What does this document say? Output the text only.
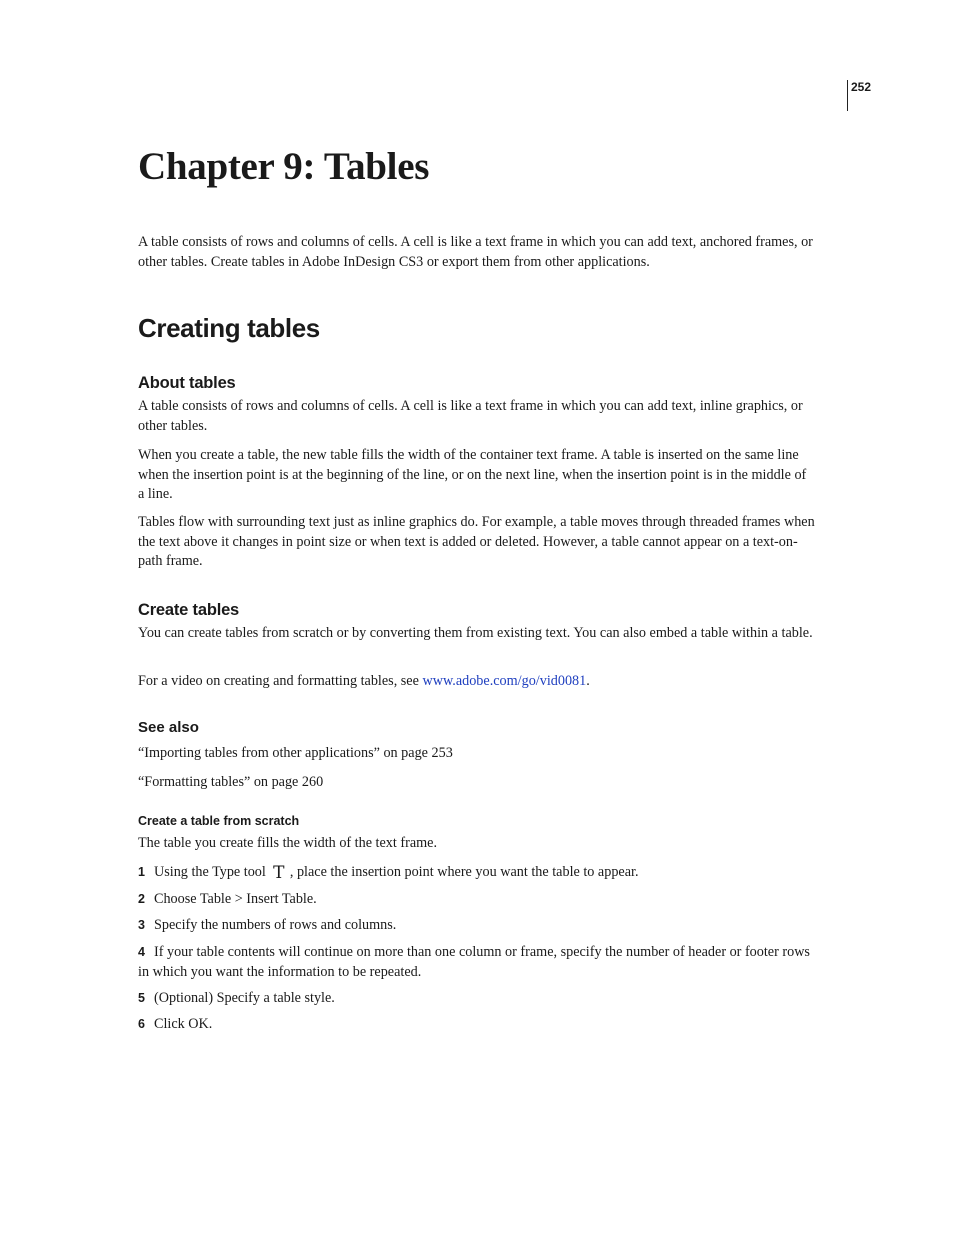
252
Chapter 9: Tables

A table consists of rows and columns of cells. A cell is like a text frame in which you can add text, anchored frames, or other tables. Create tables in Adobe InDesign CS3 or export them from other applications.

Creating tables
About tables

A table consists of rows and columns of cells. A cell is like a text frame in which you can add text, inline graphics, or other tables.

When you create a table, the new table fills the width of the container text frame. A table is inserted on the same line when the insertion point is at the beginning of the line, or on the next line, when the insertion point is in the middle of a line.

Tables flow with surrounding text just as inline graphics do. For example, a table moves through threaded frames when the text above it changes in point size or when text is added or deleted. However, a table cannot appear on a text-on-path frame.

Create tables

You can create tables from scratch or by converting them from existing text. You can also embed a table within a table.

For a video on creating and formatting tables, see www.adobe.com/go/vid0081.

See also

“Importing tables from other applications” on page 253

“Formatting tables” on page 260

Create a table from scratch

The table you create fills the width of the text frame.

1 Using the Type tool T , place the insertion point where you want the table to appear.

2 Choose Table > Insert Table.

3 Specify the numbers of rows and columns.

4 If your table contents will continue on more than one column or frame, specify the number of header or footer rows in which you want the information to be repeated.

5 (Optional) Specify a table style.

6 Click OK.
